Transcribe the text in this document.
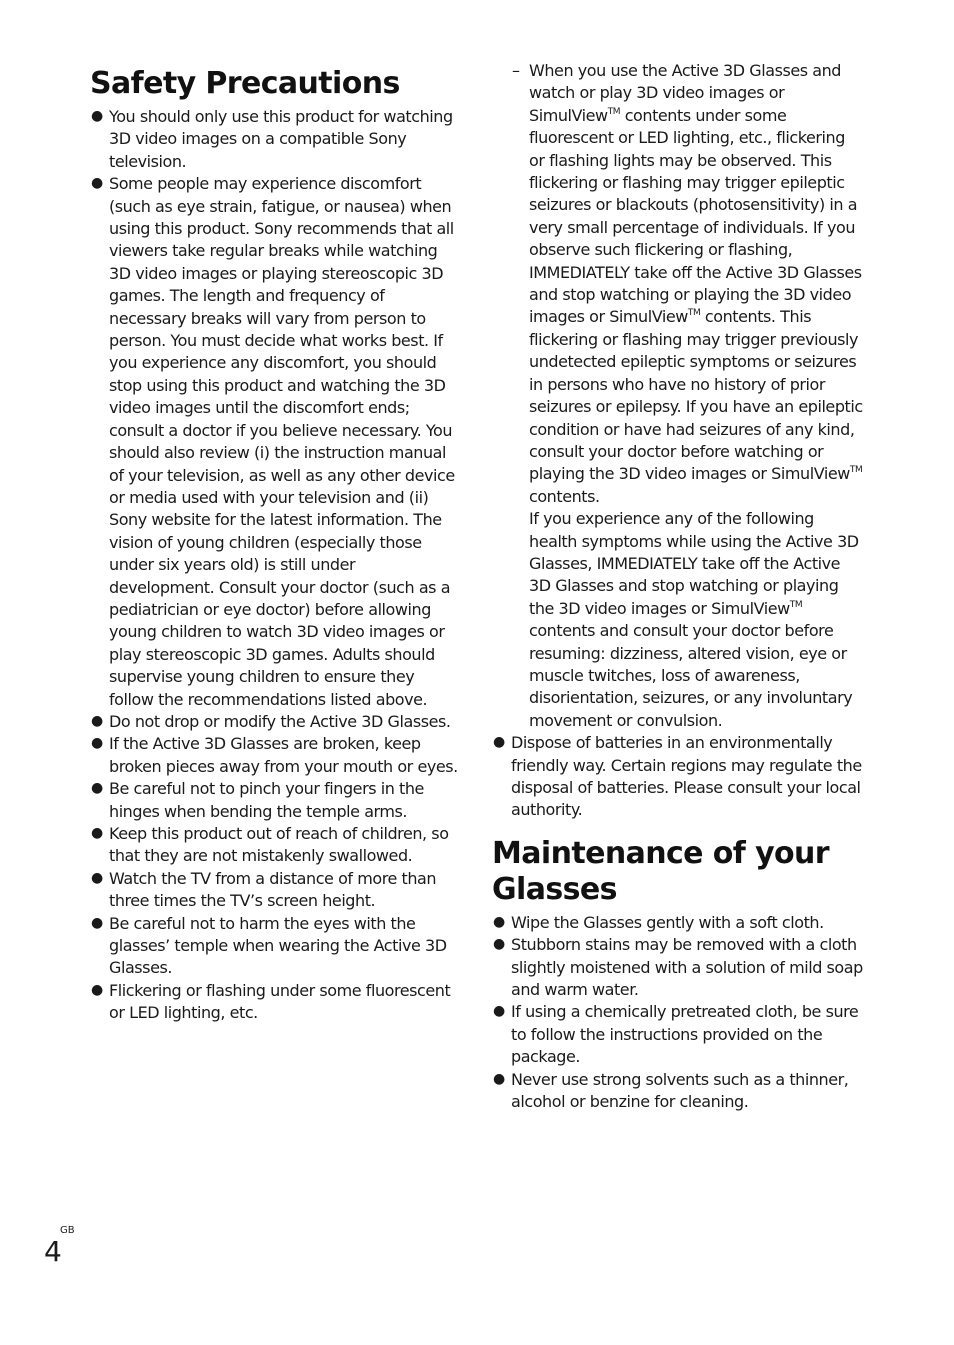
Safety Precautions
● You should only use this product for watching 3D video images on a compatible Sony television.
● Some people may experience discomfort (such as eye strain, fatigue, or nausea) when using this product. Sony recommends that all viewers take regular breaks while watching 3D video images or playing stereoscopic 3D games. The length and frequency of necessary breaks will vary from person to person. You must decide what works best. If you experience any discomfort, you should stop using this product and watching the 3D video images until the discomfort ends; consult a doctor if you believe necessary. You should also review (i) the instruction manual of your television, as well as any other device or media used with your television and (ii) Sony website for the latest information. The vision of young children (especially those under six years old) is still under development. Consult your doctor (such as a pediatrician or eye doctor) before allowing young children to watch 3D video images or play stereoscopic 3D games. Adults should supervise young children to ensure they follow the recommendations listed above.
● Do not drop or modify the Active 3D Glasses.
● If the Active 3D Glasses are broken, keep broken pieces away from your mouth or eyes.
● Be careful not to pinch your fingers in the hinges when bending the temple arms.
● Keep this product out of reach of children, so that they are not mistakenly swallowed.
● Watch the TV from a distance of more than three times the TV’s screen height.
● Be careful not to harm the eyes with the glasses’ temple when wearing the Active 3D Glasses.
● Flickering or flashing under some fluorescent or LED lighting, etc.
– When you use the Active 3D Glasses and watch or play 3D video images or SimulView™ contents under some fluorescent or LED lighting, etc., flickering or flashing lights may be observed. This flickering or flashing may trigger epileptic seizures or blackouts (photosensitivity) in a very small percentage of individuals. If you observe such flickering or flashing, IMMEDIATELY take off the Active 3D Glasses and stop watching or playing the 3D video images or SimulView™ contents. This flickering or flashing may trigger previously undetected epileptic symptoms or seizures in persons who have no history of prior seizures or epilepsy. If you have an epileptic condition or have had seizures of any kind, consult your doctor before watching or playing the 3D video images or SimulView™ contents.

If you experience any of the following health symptoms while using the Active 3D Glasses, IMMEDIATELY take off the Active 3D Glasses and stop watching or playing the 3D video images or SimulView™ contents and consult your doctor before resuming: dizziness, altered vision, eye or muscle twitches, loss of awareness, disorientation, seizures, or any involuntary movement or convulsion.

● Dispose of batteries in an environmentally friendly way. Certain regions may regulate the disposal of batteries. Please consult your local authority.
Maintenance of your Glasses
● Wipe the Glasses gently with a soft cloth.
● Stubborn stains may be removed with a cloth slightly moistened with a solution of mild soap and warm water.
● If using a chemically pretreated cloth, be sure to follow the instructions provided on the package.
● Never use strong solvents such as a thinner, alcohol or benzine for cleaning.
GB
4
